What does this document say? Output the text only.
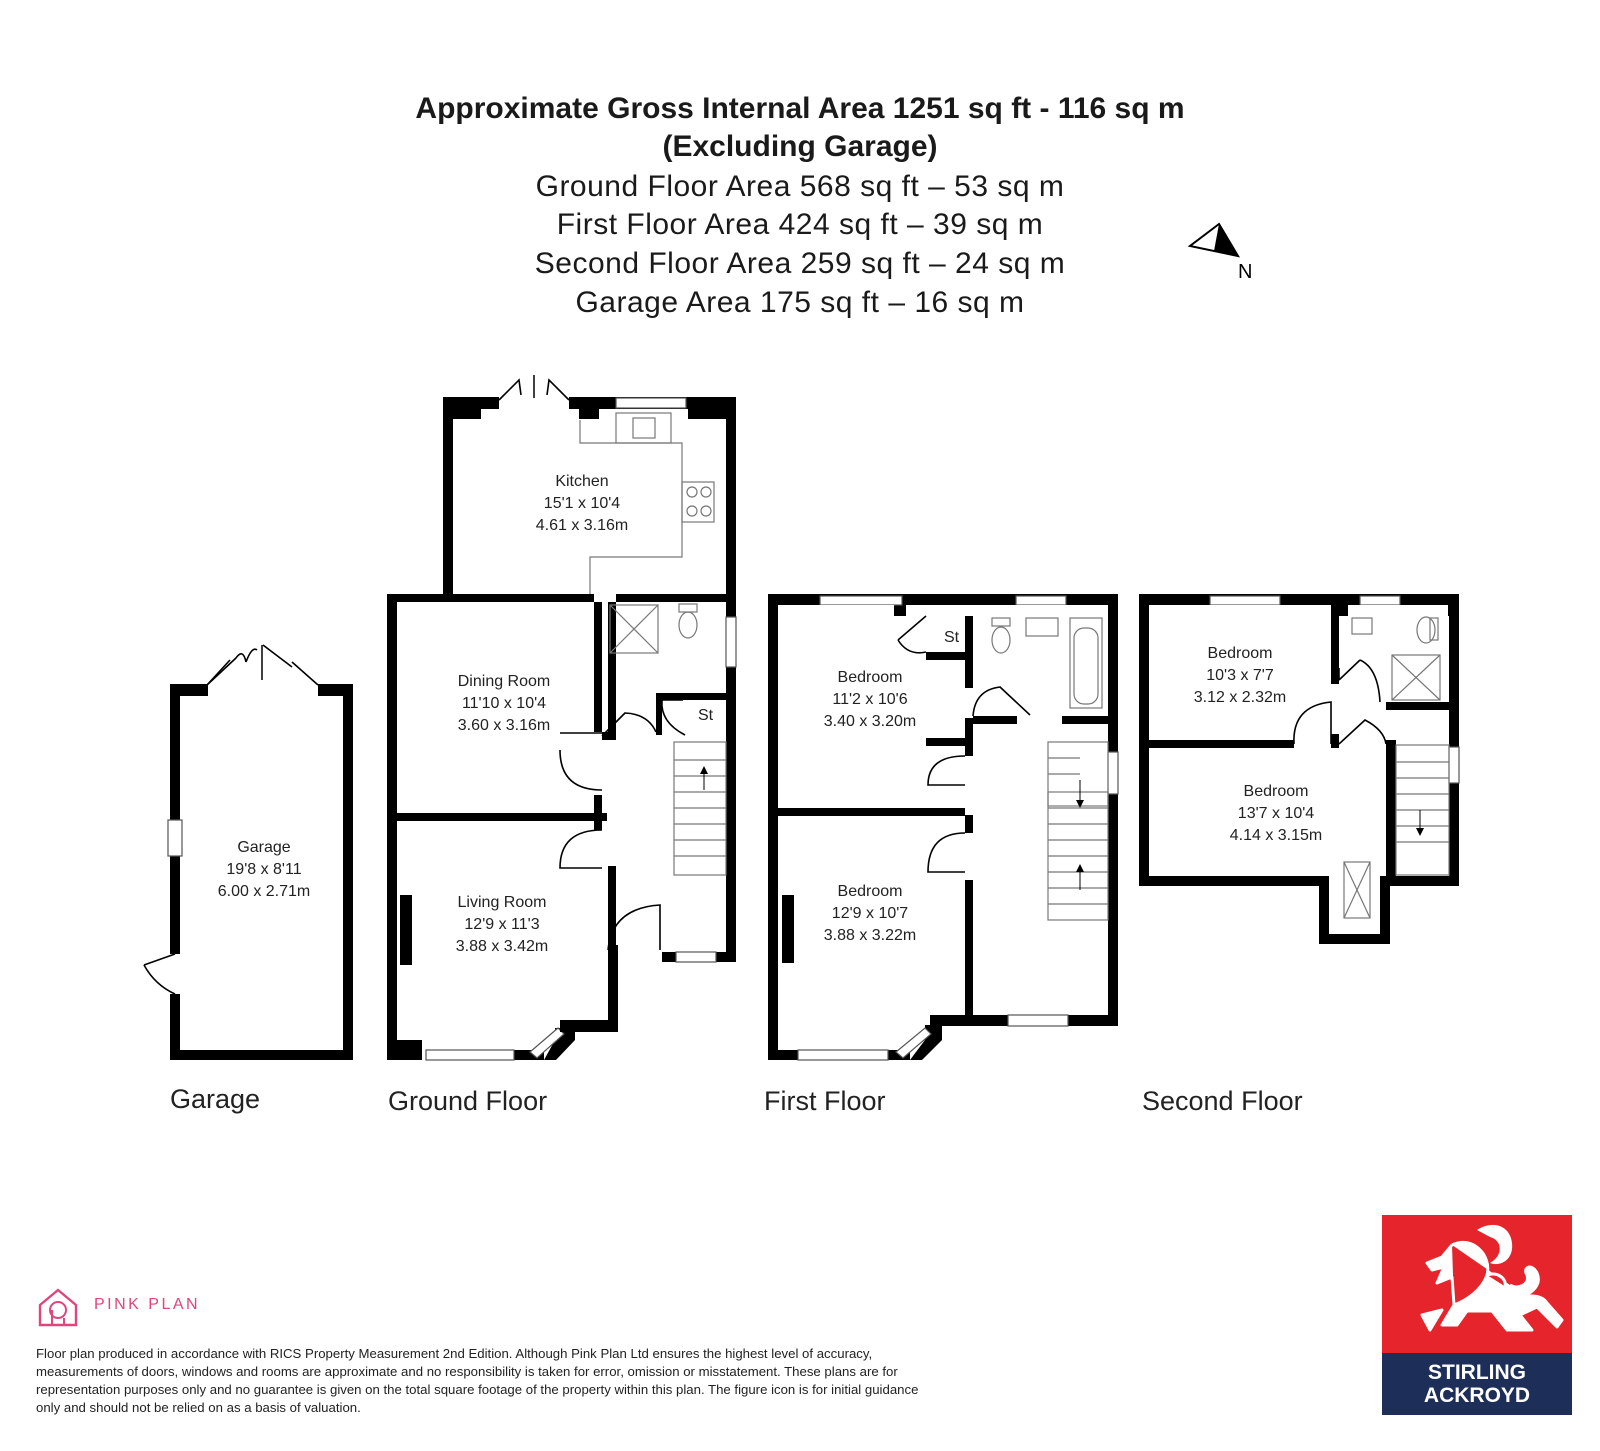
Approximate Gross Internal Area 1251 sq ft - 116 sq m
(Excluding Garage)
Ground Floor Area 568 sq ft – 53 sq m
First Floor Area 424 sq ft – 39 sq m
Second Floor Area 259 sq ft – 24 sq m
Garage Area 175 sq ft – 16 sq m
N
St
Kitchen
15'1 x 10'4
4.61 x 3.16m
Dining Room
11'10 x 10'4
3.60 x 3.16m
Living Room
12'9 x 11'3
3.88 x 3.42m
Garage
19'8 x 8'11
6.00 x 2.71m
St
Bedroom
11'2 x 10'6
3.40 x 3.20m
Bedroom
12'9 x 10'7
3.88 x 3.22m
Bedroom
10'3 x 7'7
3.12 x 2.32m
Bedroom
13'7 x 10'4
4.14 x 3.15m
Garage	Ground Floor	First Floor	Second Floor
PINK PLAN
Floor plan produced in accordance with RICS Property Measurement 2nd Edition. Although Pink Plan Ltd ensures the highest level of accuracy, measurements of doors, windows and rooms are approximate and no responsibility is taken for error, omission or misstatement. These plans are for representation purposes only and no guarantee is given on the total square footage of the property within this plan. The figure icon is for initial guidance only and should not be relied on as a basis of valuation.
STIRLING
ACKROYD
